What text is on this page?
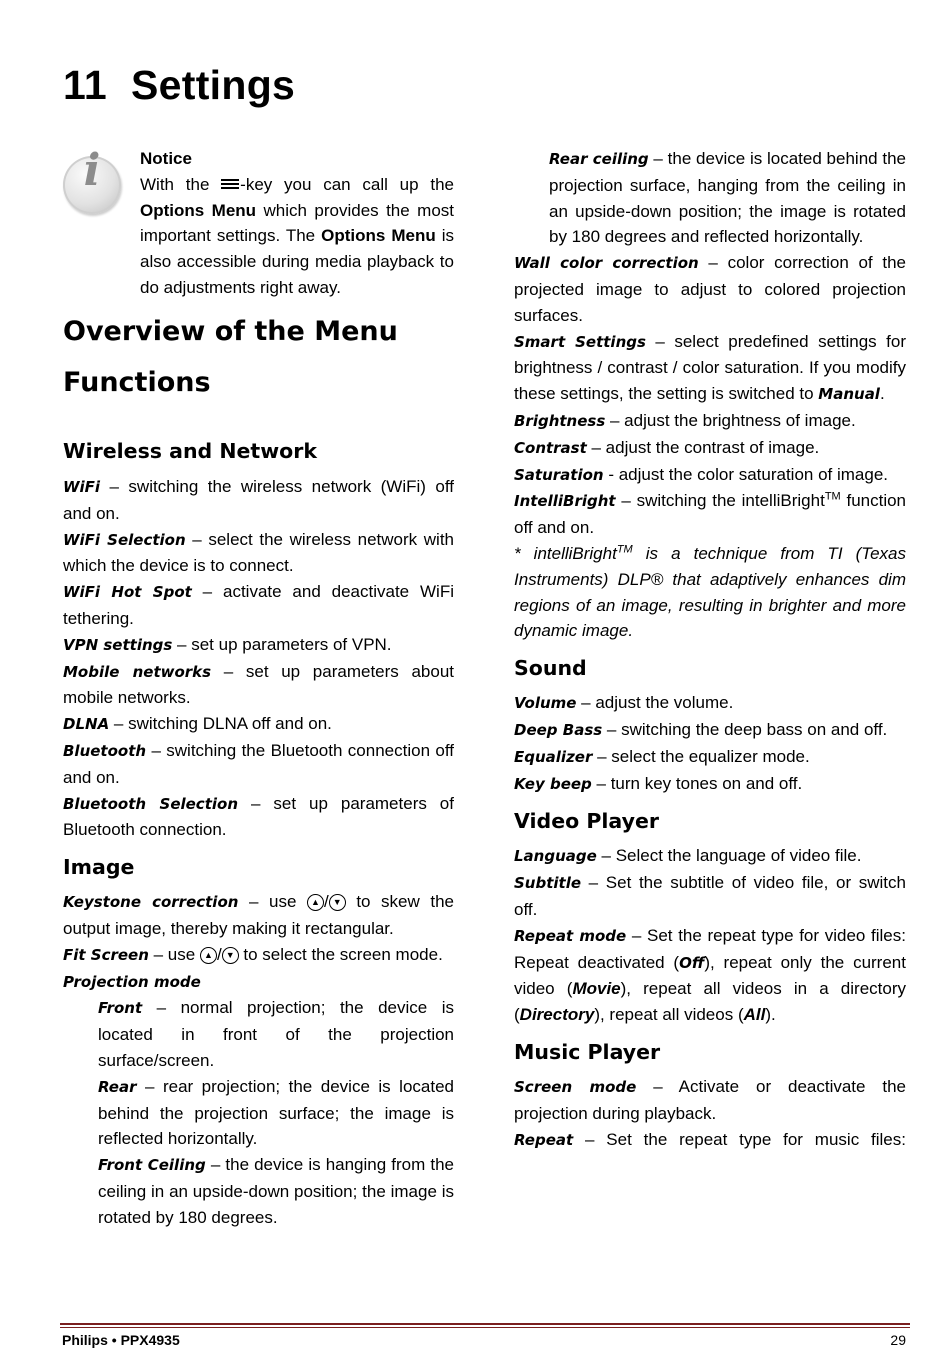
11 Settings
i	Notice

With the
-key you can call up the Options Menu which provides the most important settings. The Options Menu is also accessible during media playback to do adjustments right away.

Overview of the Menu
Functions
Wireless and Network

WiFi – switching the wireless network (WiFi) off and on.

WiFi Selection – select the wireless network with which the device is to connect.

WiFi Hot Spot – activate and deactivate WiFi tethering.

VPN settings – set up parameters of VPN.

Mobile networks – set up parameters about mobile networks.

DLNA – switching DLNA off and on.

Bluetooth – switching the Bluetooth connection off and on.

Bluetooth Selection – set up parameters of Bluetooth connection.

Image

Keystone correction – use ▲ / ▼ to skew the output image, thereby making it rectangular.

Fit Screen – use ▲ / ▼ to select the screen mode.

Projection mode

Front – normal projection; the device is located in front of the projection surface/screen.

Rear – rear projection; the device is located behind the projection surface; the image is reflected horizontally.

Front Ceiling – the device is hanging from the ceiling in an upside-down position; the image is rotated by 180 degrees.

Rear ceiling – the device is located behind the projection surface, hanging from the ceiling in an upside-down position; the image is rotated by 180 degrees and reflected horizontally.

Wall color correction – color correction of the projected image to adjust to colored projection surfaces.

Smart Settings – select predefined settings for brightness / contrast / color saturation. If you modify these settings, the setting is switched to Manual.

Brightness – adjust the brightness of image.

Contrast – adjust the contrast of image.

Saturation - adjust the color saturation of image.

IntelliBright – switching the intelliBright™ function off and on.

* intelliBright™ is a technique from TI (Texas Instruments) DLP® that adaptively enhances dim regions of an image, resulting in brighter and more dynamic image.

Sound

Volume – adjust the volume.

Deep Bass – switching the deep bass on and off.

Equalizer – select the equalizer mode.

Key beep – turn key tones on and off.

Video Player

Language – Select the language of video file.

Subtitle – Set the subtitle of video file, or switch off.

Repeat mode – Set the repeat type for video files: Repeat deactivated (Off), repeat only the current video (Movie), repeat all videos in a directory (Directory), repeat all videos (All).

Music Player

Screen mode – Activate or deactivate the projection during playback.

Repeat – Set the repeat type for music files:

Philips • PPX4935	29
